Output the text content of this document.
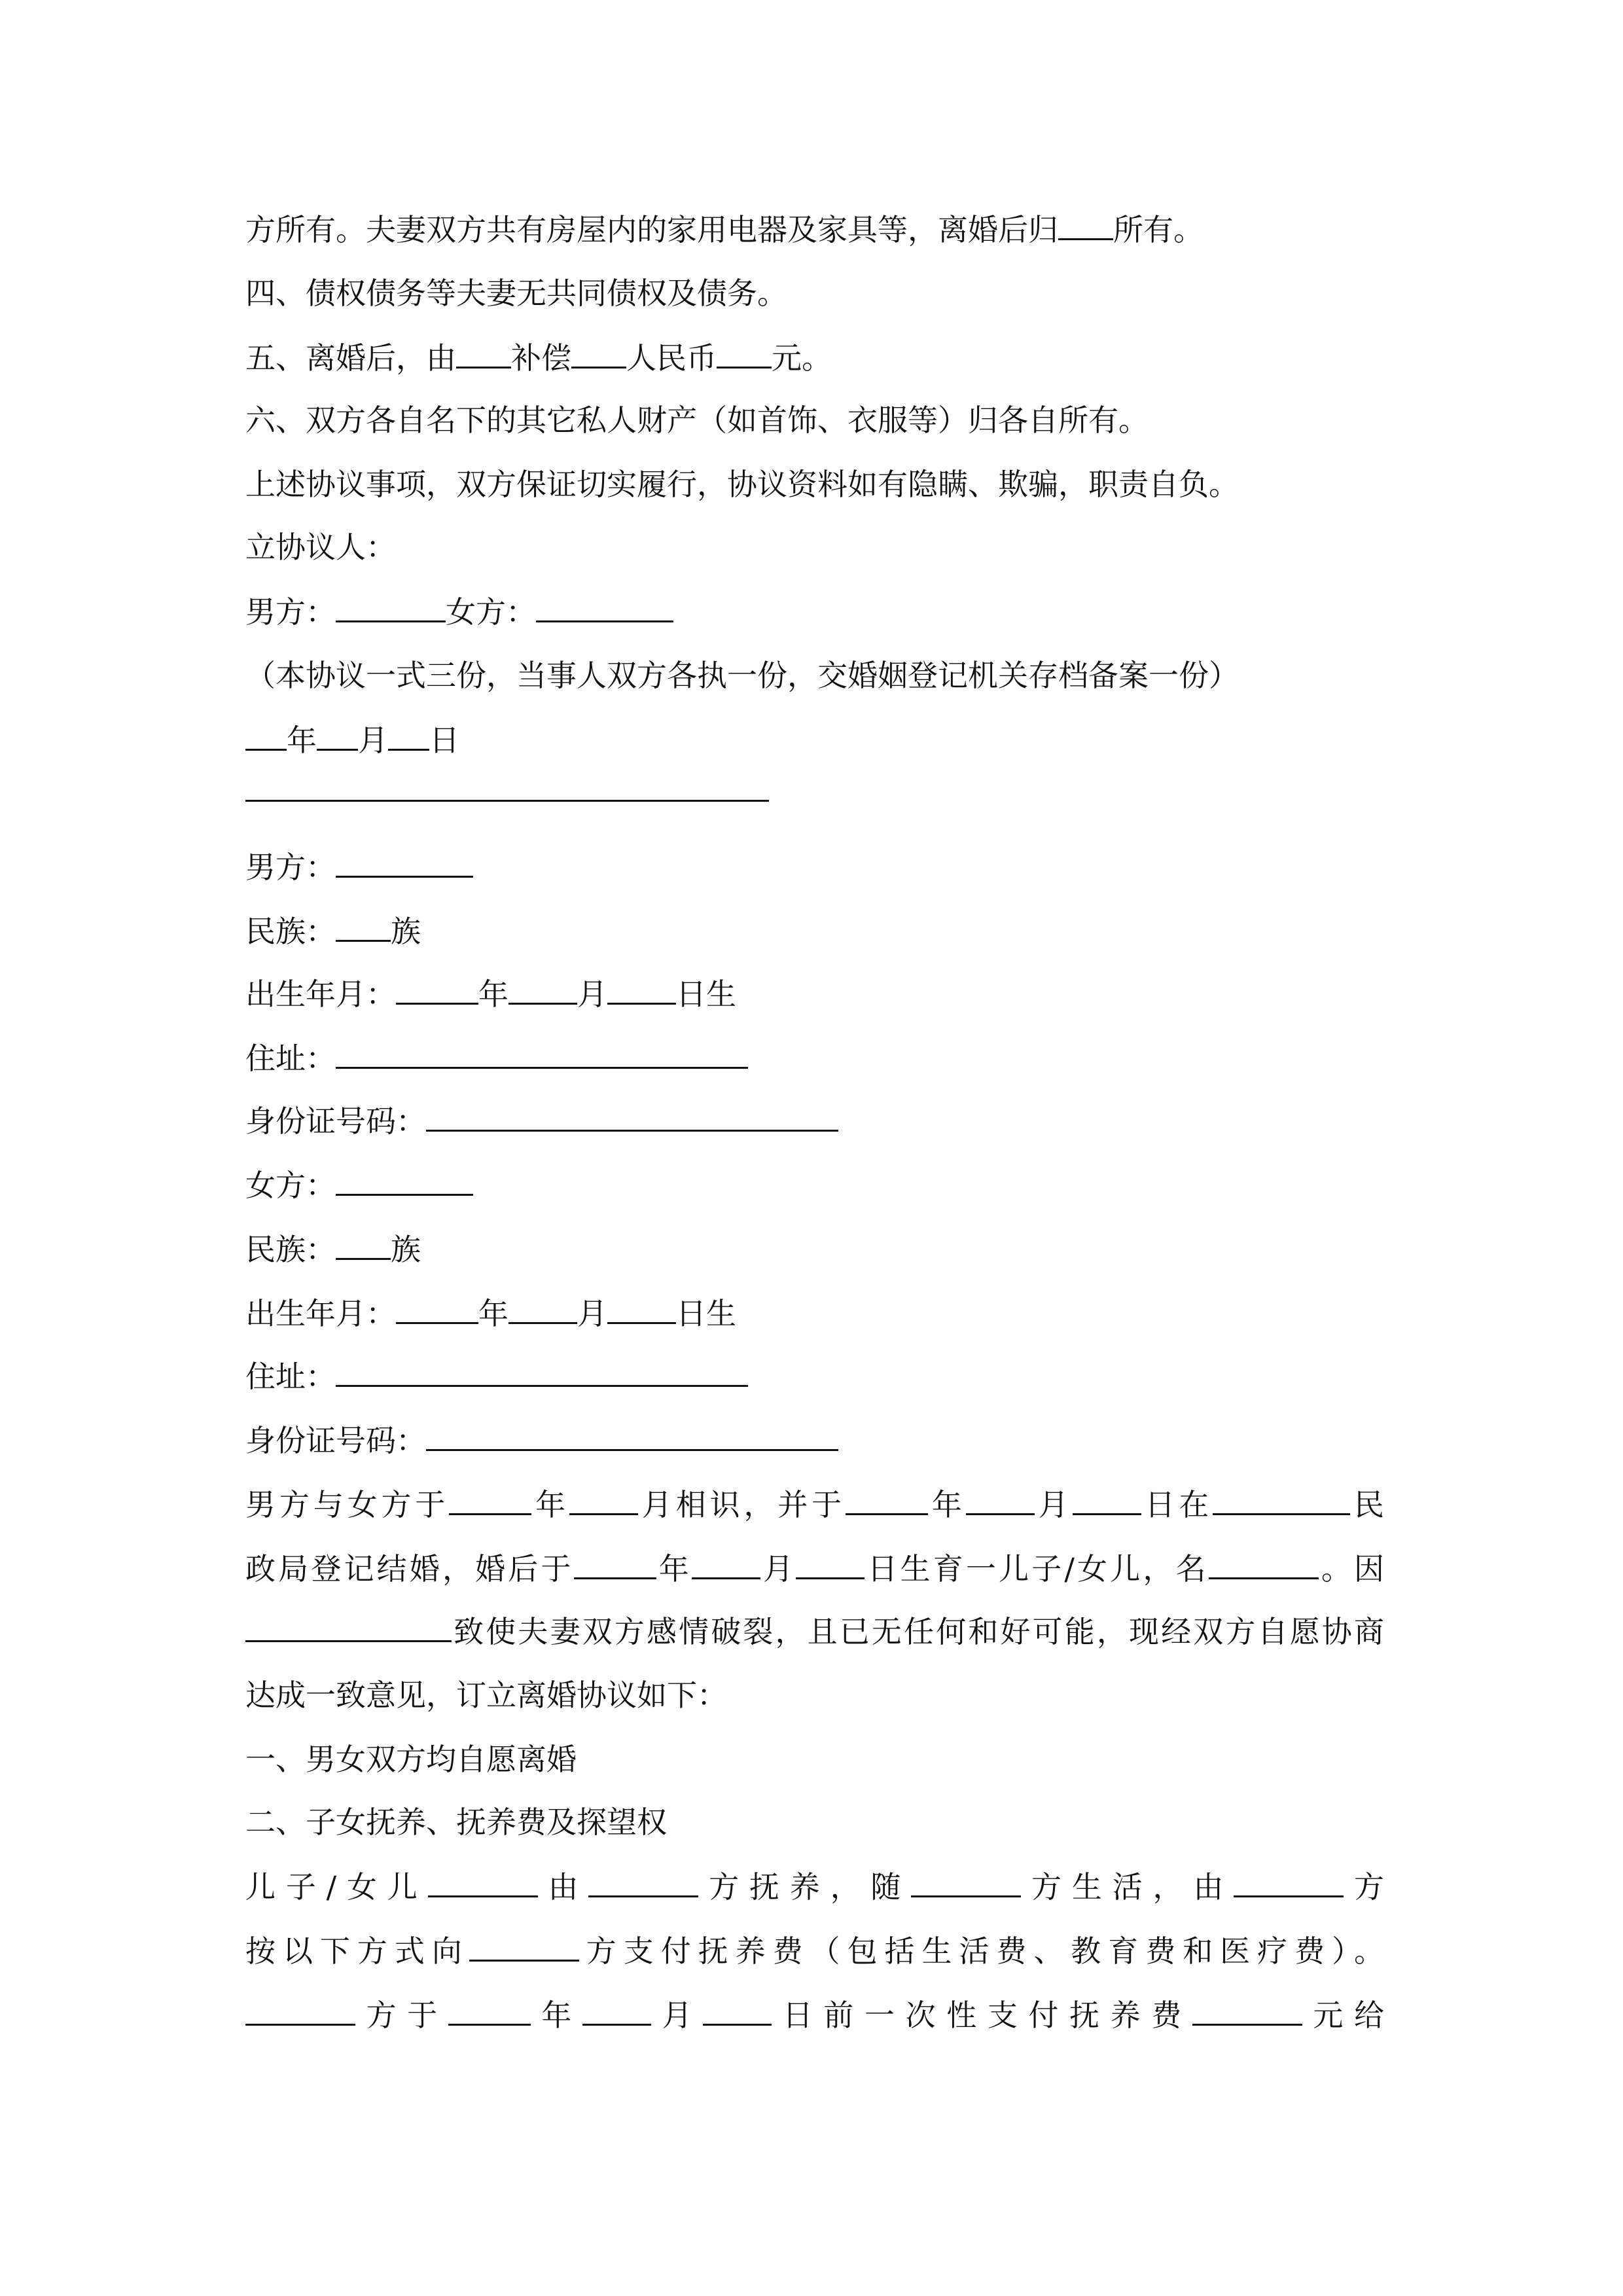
方所有。夫妻双方共有房屋内的家用电器及家具等，离婚后归 所有。
四、债权债务等夫妻无共同债权及债务。
五、离婚后，由 补偿 人民币 元。
六、双方各自名下的其它私人财产（如首饰、衣服等）归各自所有。
上述协议事项，双方保证切实履行，协议资料如有隐瞒、欺骗，职责自负。
立协议人：
男方：	女方：
（本协议一式三份，当事人双方各执一份，交婚姻登记机关存档备案一份）
年 月 日
男方：
民族： 族
出生年月：	年 月 日生
住址：
身份证号码：
女方：
民族： 族
出生年月：	年 月 日生
住址：
身份证号码：
男方与女方于	年 月相识，并于	年 月 日在	民
政局登记结婚，婚后于	年 月 日生育一儿子/女儿，名	。因
致使夫妻双方感情破裂，且已无任何和好可能，现经双方自愿协商
达成一致意见，订立离婚协议如下：
一、男女双方均自愿离婚
二、子女抚养、抚养费及探望权
儿子/女儿	由	方抚养，随	方生活，由	方
按以下方式向	方支付抚养费（包括生活费、教育费和医疗费）。
方于	年 月 日前一次性支付抚养费	元给
